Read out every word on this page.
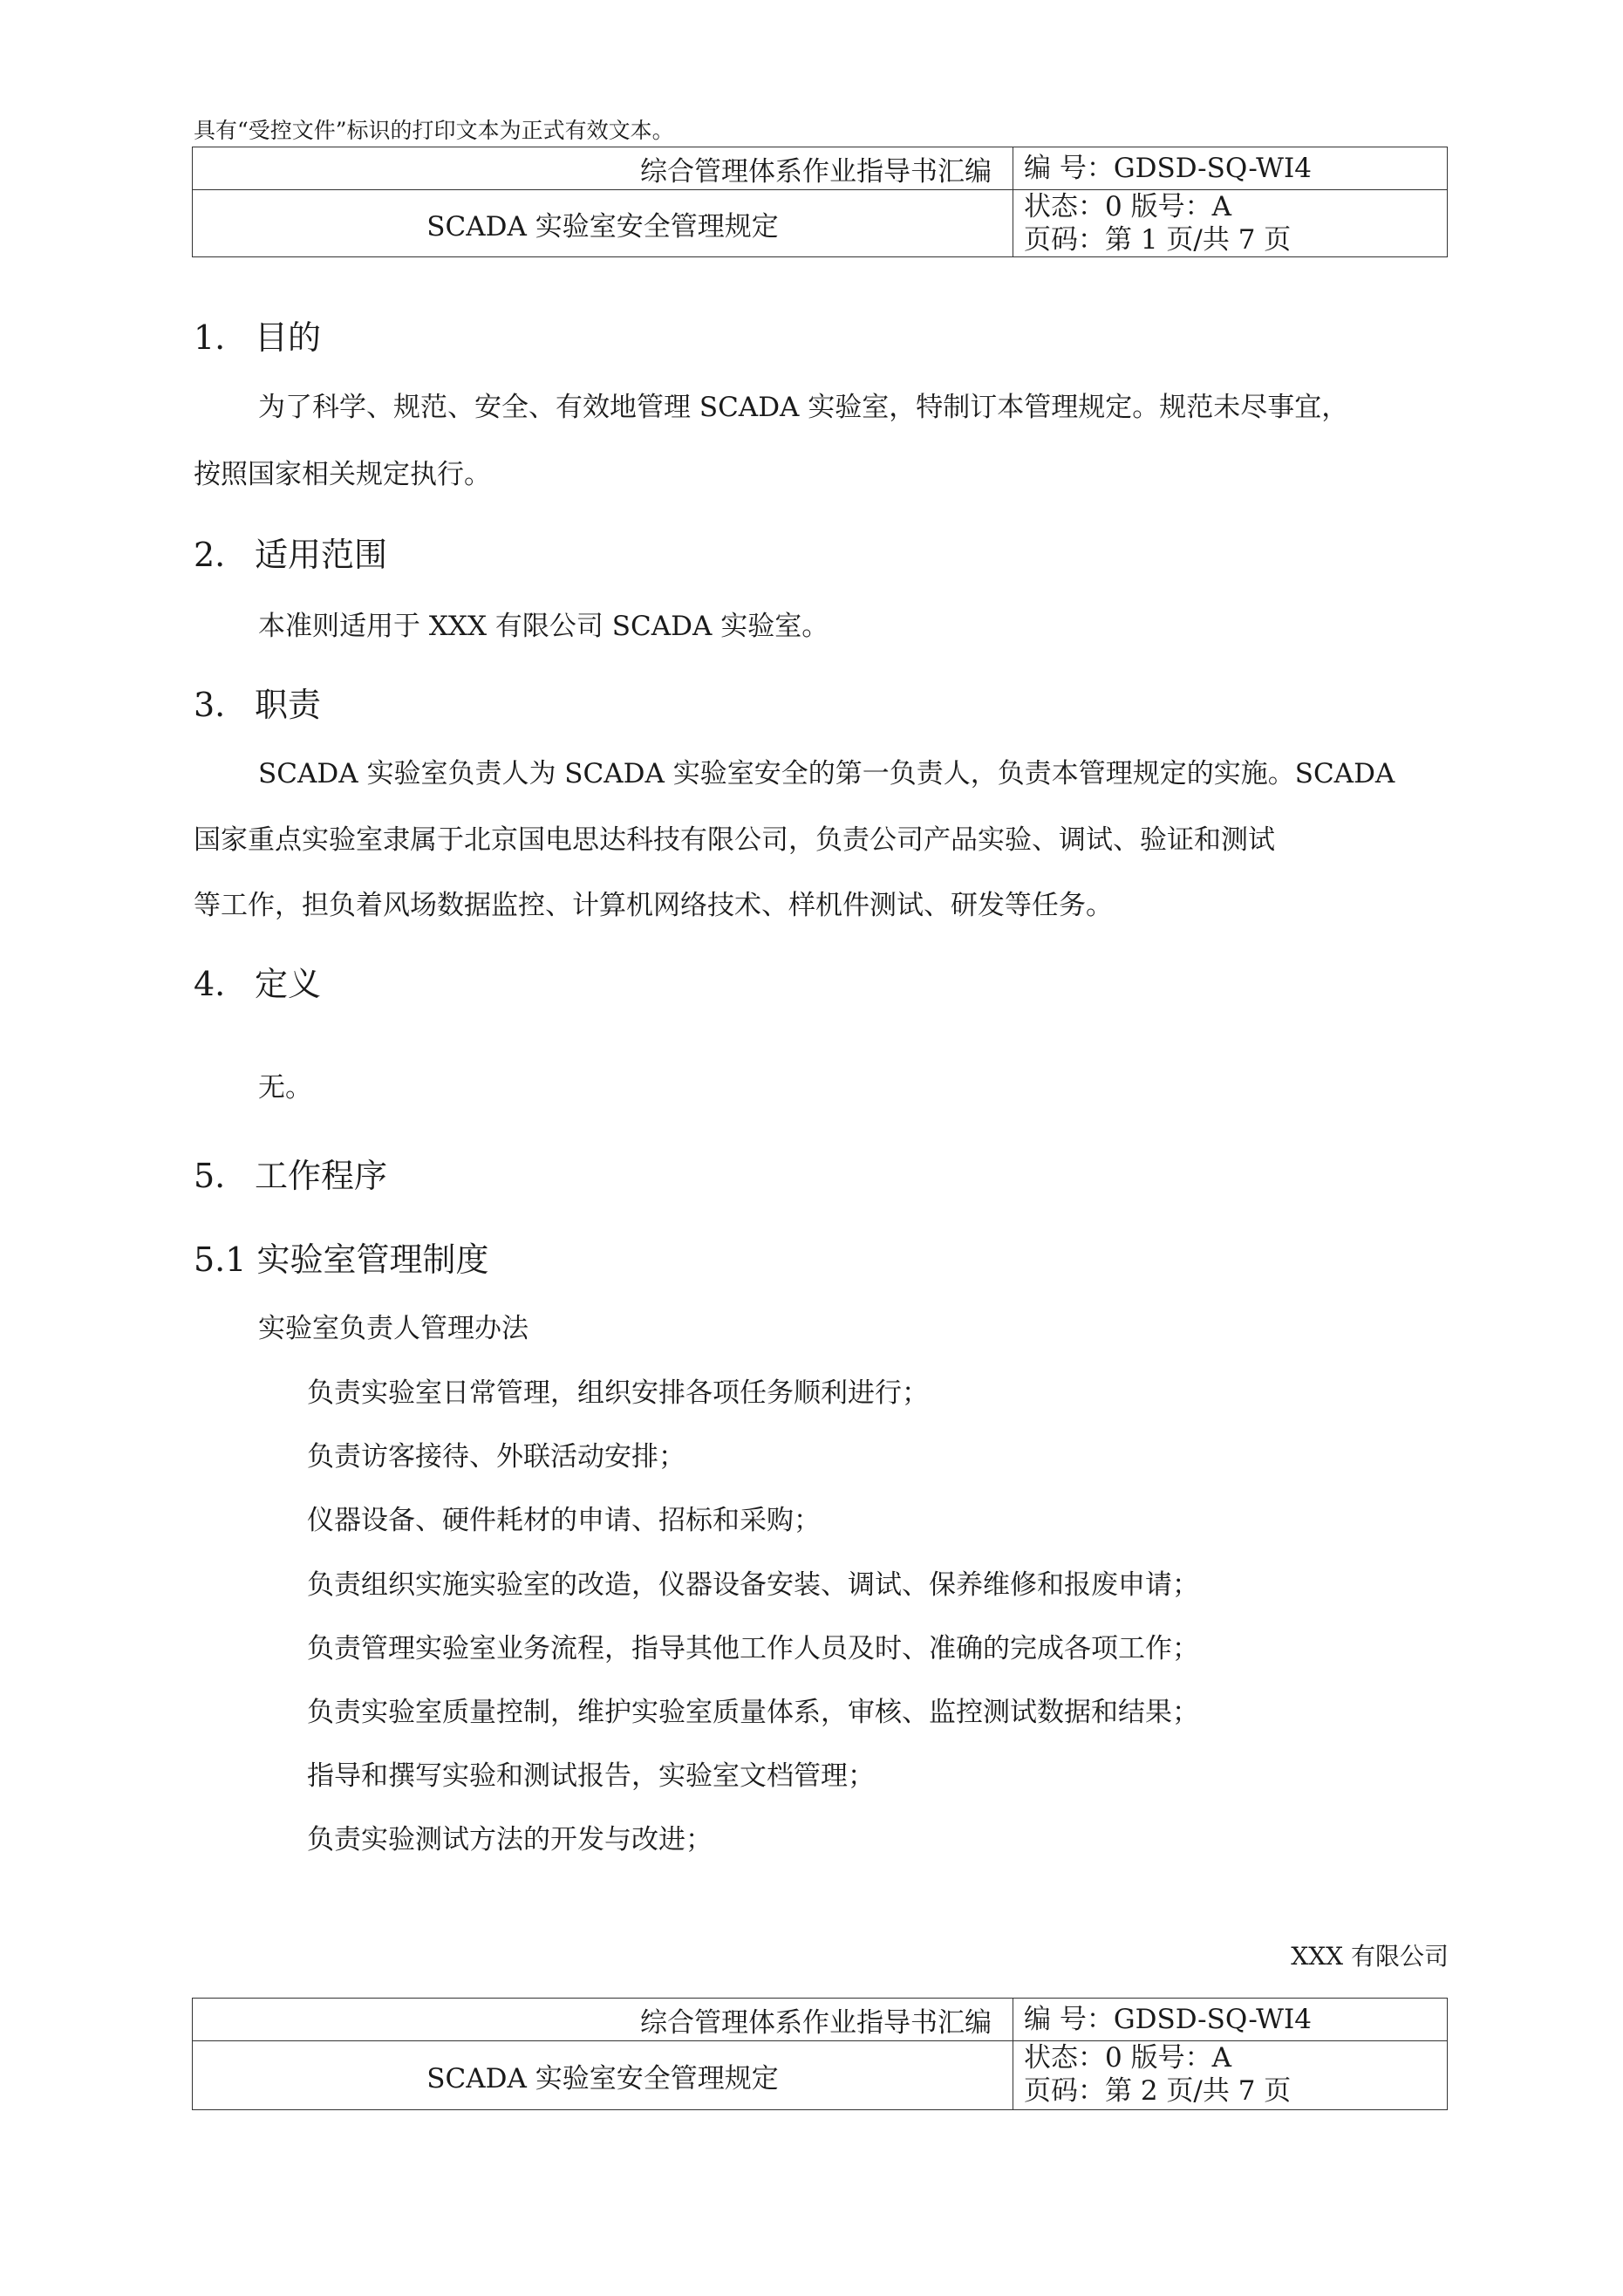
具有“受控文件”标识的打印文本为正式有效文本。
综合管理体系作业指导书汇编	编 号：GDSD-SQ-WI4
SCADA 实验室安全管理规定	状态：0 版号：A
页码：第 1 页/共 7 页
1. 目的
为了科学、规范、安全、有效地管理 SCADA 实验室，特制订本管理规定。规范未尽事宜，
按照国家相关规定执行。
2. 适用范围
本准则适用于 XXX 有限公司 SCADA 实验室。
3. 职责
SCADA 实验室负责人为 SCADA 实验室安全的第一负责人，负责本管理规定的实施。SCADA
国家重点实验室隶属于北京国电思达科技有限公司，负责公司产品实验、调试、验证和测试
等工作，担负着风场数据监控、计算机网络技术、样机件测试、研发等任务。
4. 定义
无。
5. 工作程序
5.1 实验室管理制度
实验室负责人管理办法
负责实验室日常管理，组织安排各项任务顺利进行；
负责访客接待、外联活动安排；
仪器设备、硬件耗材的申请、招标和采购；
负责组织实施实验室的改造，仪器设备安装、调试、保养维修和报废申请；
负责管理实验室业务流程，指导其他工作人员及时、准确的完成各项工作；
负责实验室质量控制，维护实验室质量体系，审核、监控测试数据和结果；
指导和撰写实验和测试报告，实验室文档管理；
负责实验测试方法的开发与改进；
XXX 有限公司
综合管理体系作业指导书汇编	编 号：GDSD-SQ-WI4
SCADA 实验室安全管理规定	状态：0 版号：A
页码：第 2 页/共 7 页
